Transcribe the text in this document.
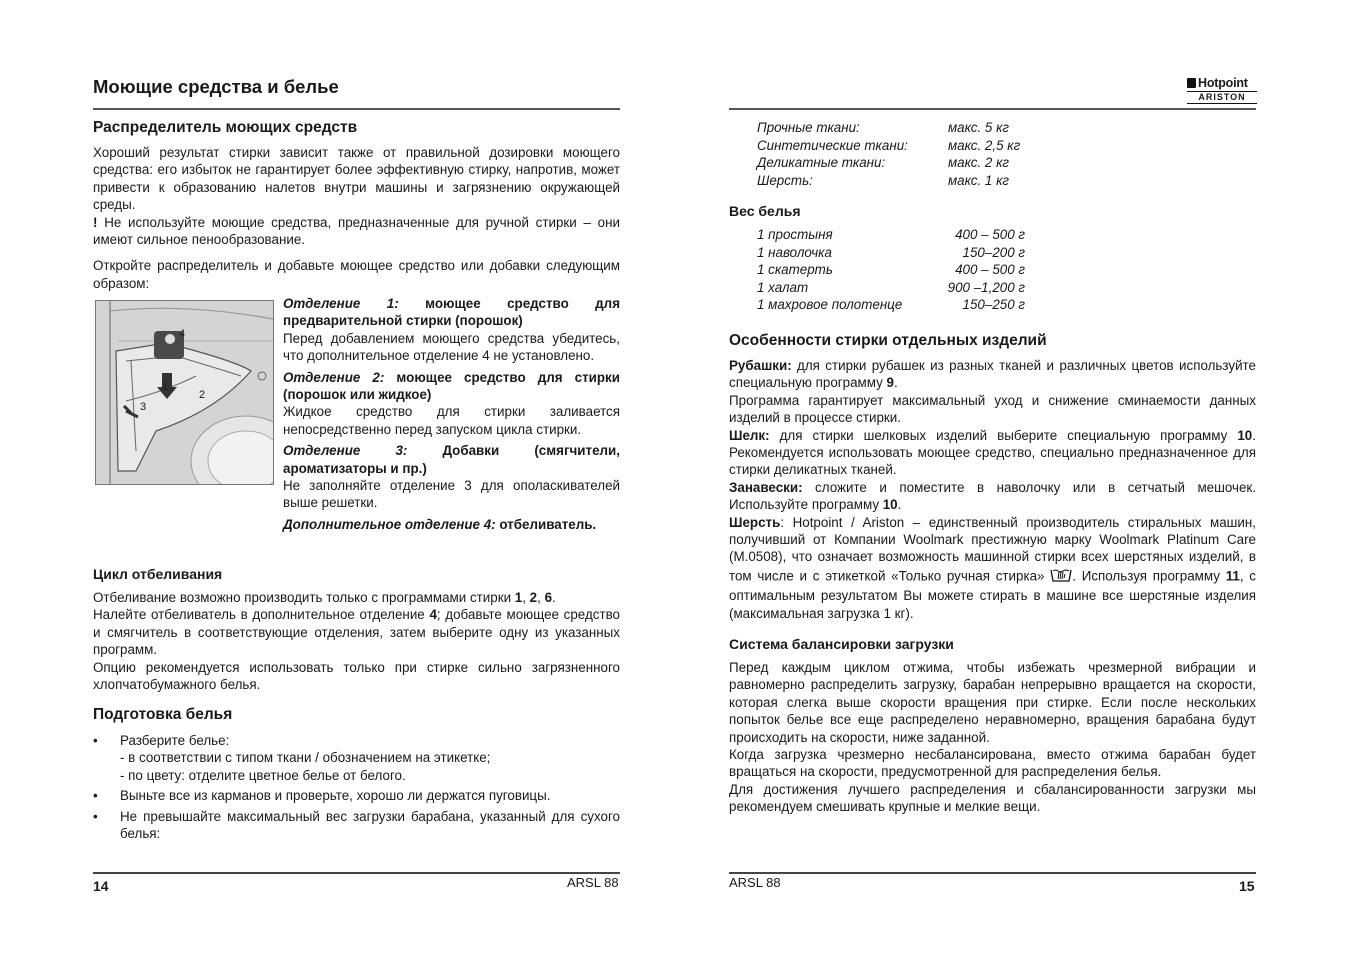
Моющие средства и белье
Распределитель моющих средств

Хороший результат стирки зависит также от правильной дозировки моющего средства: его избыток не гарантирует более эффективную стирку, напротив, может привести к образованию налетов внутри машины и загрязнению окружающей среды.

! Не используйте моющие средства, предназначенные для ручной стирки – они имеют сильное пенообразование.

Откройте распределитель и добавьте моющее средство или добавки следующим образом:

4
1
2
3

Отделение 1: моющее средство для предварительной стирки (порошок)

Перед добавлением моющего средства убедитесь, что дополнительное отделение 4 не установлено.

Отделение 2: моющее средство для стирки (порошок или жидкое)

Жидкое средство для стирки заливается непосредственно перед запуском цикла стирки.

Отделение 3: Добавки (смягчители, ароматизаторы и пр.)

Не заполняйте отделение 3 для ополаскивателей выше решетки.

Дополнительное отделение 4: отбеливатель.

Цикл отбеливания

Отбеливание возможно производить только с программами стирки 1, 2, 6.

Налейте отбеливатель в дополнительное отделение 4; добавьте моющее средство и смягчитель в соответствующие отделения, затем выберите одну из указанных программ.

Опцию рекомендуется использовать только при стирке сильно загрязненного хлопчатобумажного белья.

Подготовка белья
• Разберите белье:
- в соответствии с типом ткани / обозначением на этикетке;
- по цвету: отделите цветное белье от белого.
• Выньте все из карманов и проверьте, хорошо ли держатся пуговицы.
• Не превышайте максимальный вес загрузки барабана, указанный для сухого белья:
14	ARSL 88
Hotpoint
ARISTON
Прочные ткани:	макс. 5 кг
Синтетические ткани:	макс. 2,5 кг
Деликатные ткани:	макс. 2 кг
Шерсть:	макс. 1 кг
Вес белья
1 простыня	400 – 500 г
1 наволочка	150–200 г
1 скатерть	400 – 500 г
1 халат	900 –1,200 г
1 махровое полотенце	150–250 г
Особенности стирки отдельных изделий

Рубашки: для стирки рубашек из разных тканей и различных цветов используйте специальную программу 9.

Программа гарантирует максимальный уход и снижение сминаемости данных изделий в процессе стирки.

Шелк: для стирки шелковых изделий выберите специальную программу 10. Рекомендуется использовать моющее средство, специально предназначенное для стирки деликатных тканей.

Занавески: сложите и поместите в наволочку или в сетчатый мешочек. Используйте программу 10.

Шерсть: Hotpoint / Ariston – единственный производитель стиральных машин, получивший от Компании Woolmark престижную марку Woolmark Platinum Care (M.0508), что означает возможность машинной стирки всех шерстяных изделий, в том числе и с этикеткой «Только ручная стирка» . Используя программу 11, с оптимальным результатом Вы можете стирать в машине все шерстяные изделия (максимальная загрузка 1 кг).

Система балансировки загрузки

Перед каждым циклом отжима, чтобы избежать чрезмерной вибрации и равномерно распределить загрузку, барабан непрерывно вращается на скорости, которая слегка выше скорости вращения при стирке. Если после нескольких попыток белье все еще распределено неравномерно, вращения барабана будут происходить на скорости, ниже заданной.

Когда загрузка чрезмерно несбалансирована, вместо отжима барабан будет вращаться на скорости, предусмотренной для распределения белья.

Для достижения лучшего распределения и сбалансированности загрузки мы рекомендуем смешивать крупные и мелкие вещи.

ARSL 88	15
